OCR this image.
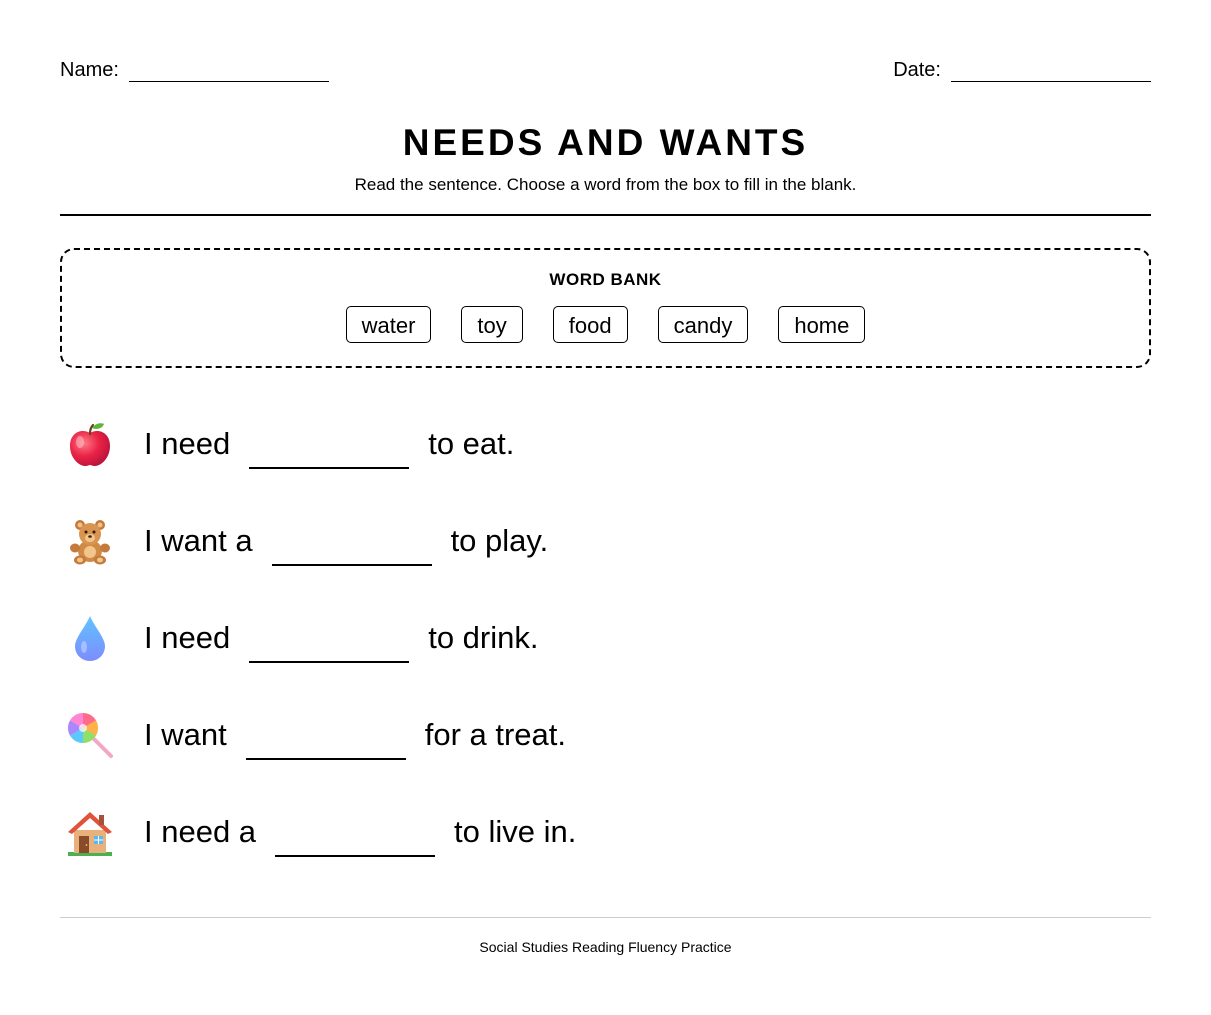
Name:	Date:
NEEDS AND WANTS
Read the sentence. Choose a word from the box to fill in the blank.
WORD BANK
water	toy	food	candy	home
I need	to eat.
I want a	to play.
I need	to drink.
I want	for a treat.
I need a	to live in.
Social Studies Reading Fluency Practice
